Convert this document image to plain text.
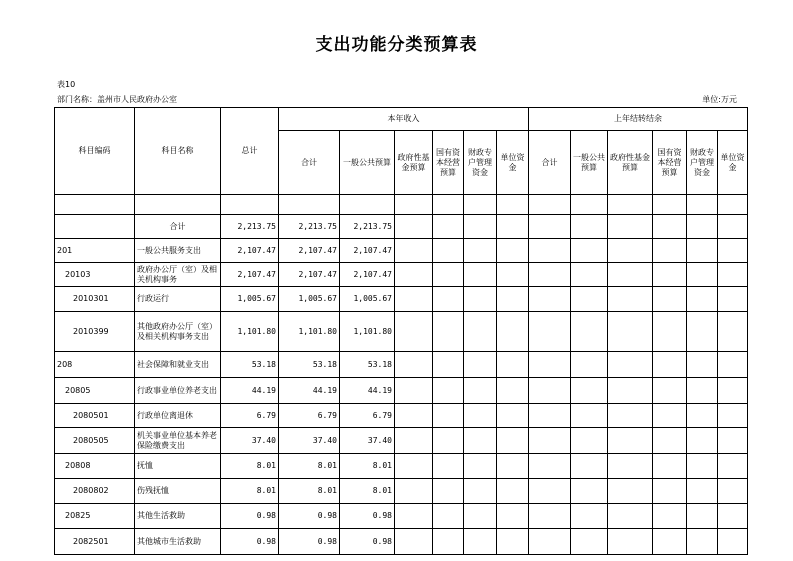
支出功能分类预算表
表10
部门名称：盖州市人民政府办公室	单位:万元
科目编码	科目名称	总计	本年收入						上年结转结余					
			合计	一般公共预算	政府性基金预算	国有资本经营预算	财政专户管理资金	单位资金	合计	一般公共预算	政府性基金预算	国有资本经营预算	财政专户管理资金	单位资金

	合计	2,213.75	2,213.75	2,213.75										
201	一般公共服务支出	2,107.47	2,107.47	2,107.47										
20103	政府办公厅（室）及相关机构事务	2,107.47	2,107.47	2,107.47										
2010301	行政运行	1,005.67	1,005.67	1,005.67										
2010399	其他政府办公厅（室）及相关机构事务支出	1,101.80	1,101.80	1,101.80										
208	社会保障和就业支出	53.18	53.18	53.18										
20805	行政事业单位养老支出	44.19	44.19	44.19										
2080501	行政单位离退休	6.79	6.79	6.79										
2080505	机关事业单位基本养老保险缴费支出	37.40	37.40	37.40										
20808	抚恤	8.01	8.01	8.01										
2080802	伤残抚恤	8.01	8.01	8.01										
20825	其他生活救助	0.98	0.98	0.98										
2082501	其他城市生活救助	0.98	0.98	0.98										
